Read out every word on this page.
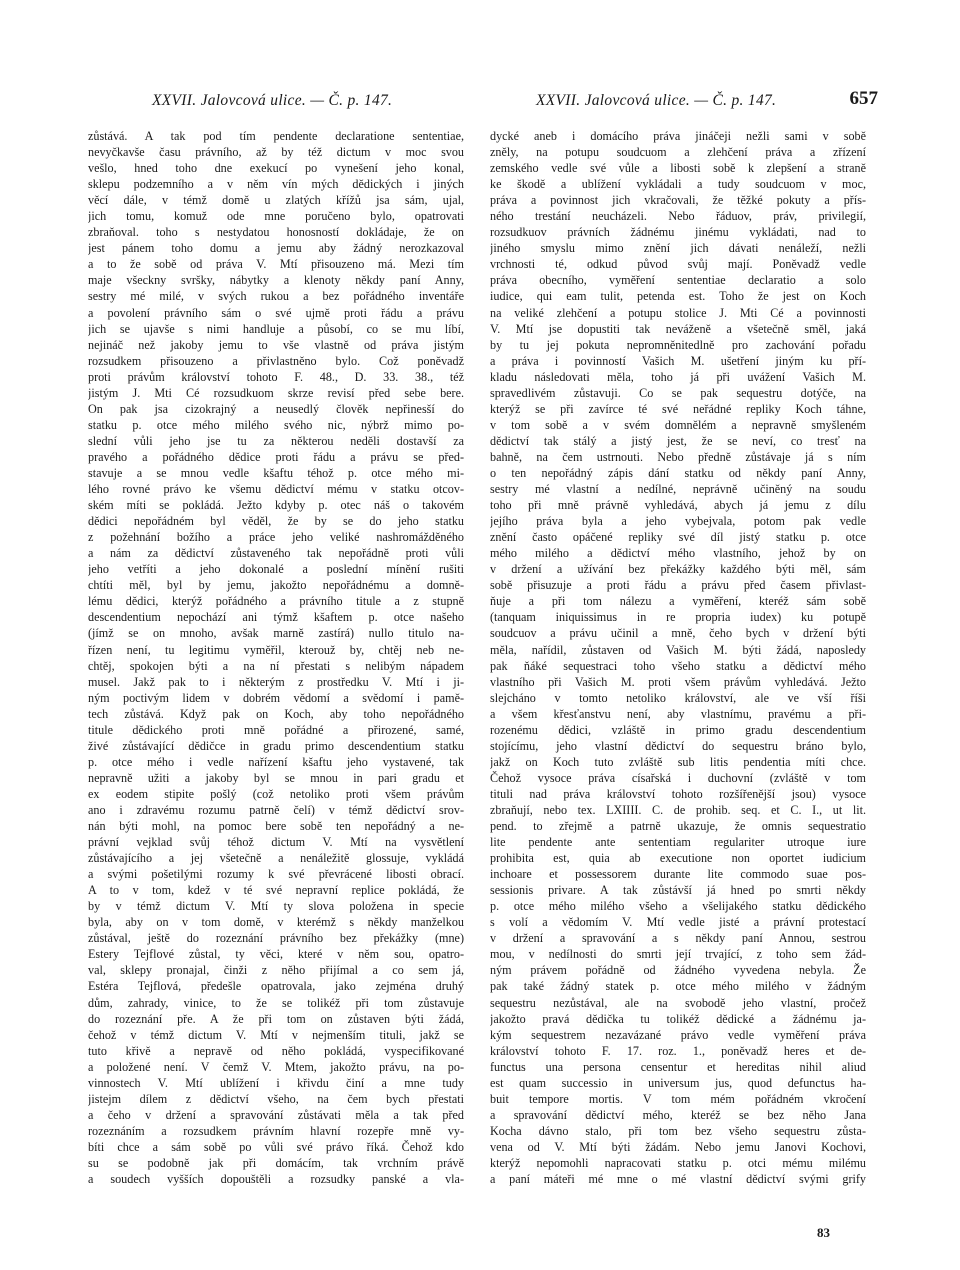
XXVII. Jalovcová ulice. — Č. p. 147.	XXVII. Jalovcová ulice. — Č. p. 147.	657
zůstává. A tak pod tím pendente declaratione sententiae,
nevyčkavše času právního, až by též dictum v moc svou
vešlo, hned toho dne exekucí po vynešení jeho konal,
sklepu podzemního a v něm vín mých dědických i jiných
věcí dále, v témž domě u zlatých křížů jsa sám, ujal,
jich tomu, komuž ode mne poručeno bylo, opatrovati
zbraňoval. toho s nestydatou honosností dokládaje, že on
jest pánem toho domu a jemu aby žádný nerozkazoval
a to že sobě od práva V. Mtí přisouzeno má. Mezi tím
maje všeckny svršky, nábytky a klenoty někdy paní Anny,
sestry mé milé, v svých rukou a bez pořádného inventáře
a povolení právního sám o své ujmě proti řádu a právu
jich se ujavše s nimi handluje a působí, co se mu líbí,
nejináč než jakoby jemu to vše vlastně od práva jistým
rozsudkem přisouzeno a přivlastněno bylo. Což poněvadž
proti právům království tohoto F. 48., D. 33. 38., též
jistým J. Mti Cé rozsudkuom skrze revisí před sebe bere.
On pak jsa cizokrajný a neusedlý člověk nepřinesší do
statku p. otce mého milého svého nic, nýbrž mimo po-
slední vůli jeho jse tu za některou neděli dostavší za
pravého a pořádného dědice proti řádu a právu se před-
stavuje a se mnou vedle kšaftu téhož p. otce mého mi-
lého rovné právo ke všemu dědictví mému v statku otcov-
ském míti se pokládá. Ježto kdyby p. otec náš o takovém
dědici nepořádném byl věděl, že by se do jeho statku
z požehnání božího a práce jeho veliké nashromážděného
a nám za dědictví zůstaveného tak nepořádně proti vůli
jeho vetříti a jeho dokonalé a poslední mínění rušiti
chtíti měl, byl by jemu, jakožto nepořádnému a domně-
lému dědici, kterýž pořádného a právního titule a z stupně
descendentium nepochází ani týmž kšaftem p. otce našeho
(jímž se on mnoho, avšak marně zastírá) nullo titulo na-
řízen není, tu legitimu vyměřil, kterouž by, chtěj neb ne-
chtěj, spokojen býti a na ní přestati s nelibým nápadem
musel. Jakž pak to i některým z prostředku V. Mtí i ji-
ným poctivým lidem v dobrém vědomí a svědomí i pamě-
tech zůstává. Když pak on Koch, aby toho nepořádného
titule dědického proti mně pořádné a přirozené, samé,
živé zůstávající dědičce in gradu primo descendentium statku
p. otce mého i vedle nařízení kšaftu jeho vystavené, tak
nepravně užiti a jakoby byl se mnou in pari gradu et
ex eodem stipite pošlý (což netoliko proti všem právům
ano i zdravému rozumu patrně čelí) v témž dědictví srov-
nán býti mohl, na pomoc bere sobě ten nepořádný a ne-
právní vejklad svůj téhož dictum V. Mtí na vysvětlení
zůstávajícího a jej všetečně a nenáležitě glossuje, vykládá
a svými pošetilými rozumy k své převrácené libosti obrací.
A to v tom, kdež v té své nepravní replice pokládá, že
by v témž dictum V. Mtí ty slova položena in specie
byla, aby on v tom domě, v kterémž s někdy manželkou
zůstával, ještě do rozeznání právního bez překážky (mne)
Estery Tejflové zůstal, ty věci, které v něm sou, opatro-
val, sklepy pronajal, činži z něho přijímal a co sem já,
Estéra Tejflová, předešle opatrovala, jako zejména druhý
dům, zahrady, vinice, to že se tolikéž při tom zůstavuje
do rozeznání pře. A že při tom on zůstaven býti žádá,
čehož v témž dictum V. Mtí v nejmenším tituli, jakž se
tuto křivě a nepravě od něho pokládá, vyspecifikované
a položené není. V čemž V. Mtem, jakožto právu, na po-
vinnostech V. Mtí ublížení i křivdu činí a mne tudy
jistejm dílem z dědictví všeho, na čem bych přestati
a čeho v držení a spravování zůstávati měla a tak před
rozeznáním a rozsudkem právním hlavní rozepře mně vy-
bíti chce a sám sobě po vůli své právo říká. Čehož kdo
su se podobně jak při domácím, tak vrchním právě
a soudech vyšších dopouštěli a rozsudky panské a vla-
dycké aneb i domácího práva jináčeji nežli sami v sobě
zněly, na potupu soudcuom a zlehčení práva a zřízení
zemského vedle své vůle a libosti sobě k zlepšení a straně
ke škodě a ublížení vykládali a tudy soudcuom v moc,
práva a povinnost jich vkračovali, že těžké pokuty a přís-
ného trestání neucházeli. Nebo řáduov, práv, privilegií,
rozsudkuov právních žádnému jinému vykládati, nad to
jiného smyslu mimo znění jich dávati nenáleží, nežli
vrchnosti té, odkud původ svůj mají. Poněvadž vedle
práva obecního, vyměření sententiae declaratio a solo
iudice, qui eam tulit, petenda est. Toho že jest on Koch
na veliké zlehčení a potupu stolice J. Mti Cé a povinnosti
V. Mtí jse dopustiti tak neváženě a všetečně směl, jaká
by tu jej pokuta nepromněnitedlně pro zachování pořadu
a práva i povinností Vašich M. ušetření jiným ku pří-
kladu následovati měla, toho já při uvážení Vašich M.
spravedlivém zůstavuji. Co se pak sequestru dotýče, na
kterýž se při zavírce té své neřádné repliky Koch táhne,
v tom sobě a v svém domnělém a nepravně smyšleném
dědictví tak stálý a jistý jest, že se neví, co tresť na
bahně, na čem ustrnouti. Nebo předně zůstávaje já s ním
o ten nepořádný zápis dání statku od někdy paní Anny,
sestry mé vlastní a nedílné, neprávně učiněný na soudu
toho při mně právně vyhledává, abych já jemu z dílu
jejího práva byla a jeho vybejvala, potom pak vedle
znění často opáčené repliky své díl jistý statku p. otce
mého milého a dědictví mého vlastního, jehož by on
v držení a užívání bez překážky každého býti měl, sám
sobě přisuzuje a proti řádu a právu před časem přivlast-
ňuje a při tom nálezu a vyměření, kteréž sám sobě
(tanquam iniquissimus in re propria iudex) ku potupě
soudcuov a právu učinil a mně, čeho bych v držení býti
měla, nařídil, zůstaven od Vašich M. býti žádá, naposledy
pak ňáké sequestraci toho všeho statku a dědictví mého
vlastního při Vašich M. proti všem právům vyhledává. Ježto
slejcháno v tomto netoliko království, ale ve vší říši
a všem křesťanstvu není, aby vlastnímu, pravému a při-
rozenému dědici, vzláště in primo gradu descendentium
stojícímu, jeho vlastní dědictví do sequestru bráno bylo,
jakž on Koch tuto zvláště sub litis pendentia míti chce.
Čehož vysoce práva císařská i duchovní (zvláště v tom
tituli nad práva království tohoto rozšířenější jsou) vysoce
zbraňují, nebo tex. LXIIII. C. de prohib. seq. et C. I., ut lit.
pend. to zřejmě a patrně ukazuje, že omnis sequestratio
lite pendente ante sententiam regulariter utroque iure
prohibita est, quia ab executione non oportet iudicium
inchoare et possessorem durante lite commodo suae pos-
sessionis privare. A tak zůstávší já hned po smrti někdy
p. otce mého milého všeho a všelijakého statku dědického
s volí a vědomím V. Mtí vedle jisté a právní protestací
v držení a spravování a s někdy paní Annou, sestrou
mou, v nedílnosti do smrti její trvající, z toho sem žád-
ným právem pořádně od žádného vyvedena nebyla. Že
pak také žádný statek p. otce mého milého v žádným
sequestru nezůstával, ale na svobodě jeho vlastní, pročež
jakožto pravá dědička tu tolikéž dědické a žádnému ja-
kým sequestrem nezavázané právo vedle vyměření práva
království tohoto F. 17. roz. 1., poněvadž heres et de-
functus una persona censentur et hereditas nihil aliud
est quam successio in universum jus, quod defunctus ha-
buit tempore mortis. V tom mém pořádném vkročení
a spravování dědictví mého, kteréž se bez něho Jana
Kocha dávno stalo, při tom bez všeho sequestru zůsta-
vena od V. Mtí býti žádám. Nebo jemu Janovi Kochovi,
kterýž nepomohli napracovati statku p. otci mému milému
a paní máteři mé mne o mé vlastní dědictví svými grify
83
